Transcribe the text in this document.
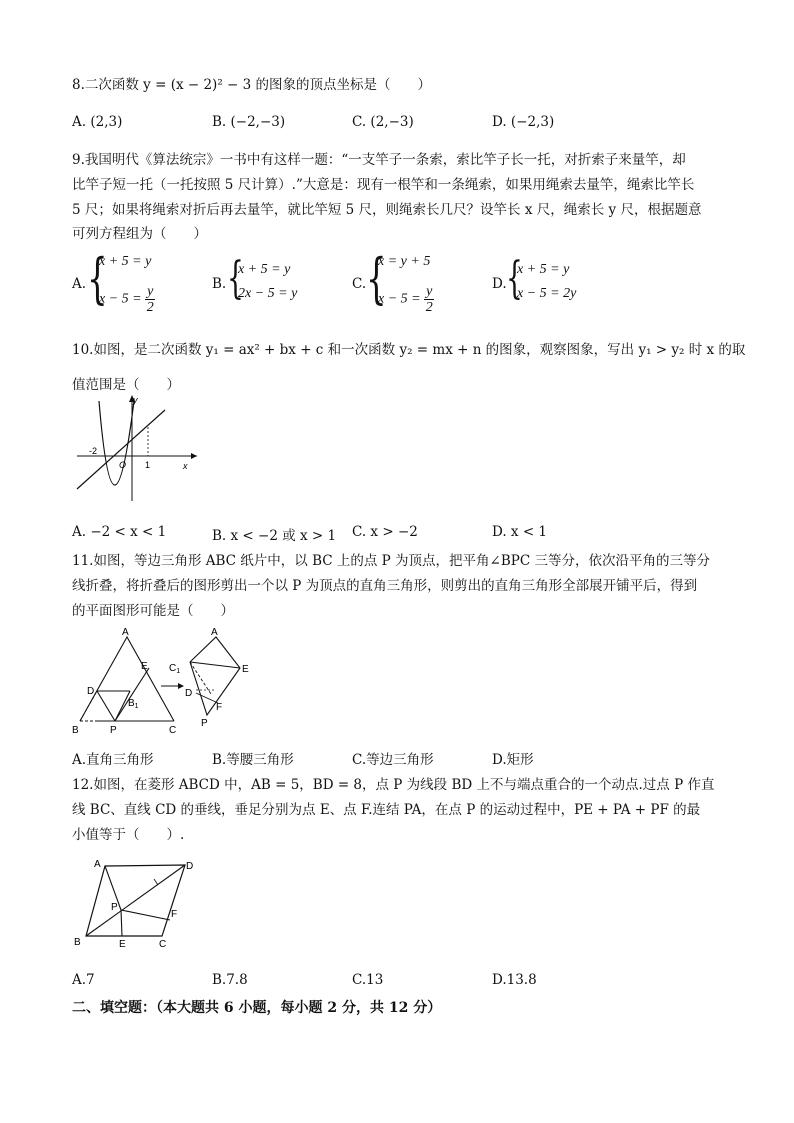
8.二次函数 y = (x − 2)² − 3 的图象的顶点坐标是（　　）
A. (2,3)	B. (−2,−3)	C. (2,−3)	D. (−2,3)
9.我国明代《算法统宗》一书中有这样一题：“一支竿子一条索，索比竿子长一托，对折索子来量竿，却
比竿子短一托（一托按照 5 尺计算）.”大意是：现有一根竿和一条绳索，如果用绳索去量竿，绳索比竿长
5 尺；如果将绳索对折后再去量竿，就比竿短 5 尺，则绳索长几尺？设竿长 x 尺，绳索长 y 尺，根据题意
可列方程组为（　　）
A. {
x + 5 = y
$x - 5 = \frac{y}{2}$	B. {
x + 5 = y
2x − 5 = y
C. {
x = y + 5
$x - 5 = \frac{y}{2}$	D. {
x + 5 = y
x − 5 = 2y
10.如图，是二次函数 y₁ = ax² + bx + c 和一次函数 y₂ = mx + n 的图象，观察图象，写出 y₁ > y₂ 时 x 的取
值范围是（　　）
y
x
-2
O 1
A. −2 < x < 1	B. x < −2 或 x > 1 C. x > −2	D. x < 1
11.如图，等边三角形 ABC 纸片中，以 BC 上的点 P 为顶点，把平角∠BPC 三等分，依次沿平角的三等分
线折叠，将折叠后的图形剪出一个以 P 为顶点的直角三角形，则剪出的直角三角形全部展开铺平后，得到
的平面图形可能是（　　）
A
B	C
D
E
P
$B_1$
A
$C_1$	E
D
F
P
A.直角三角形	B.等腰三角形	C.等边三角形	D.矩形
12.如图，在菱形 ABCD 中，AB = 5，BD = 8，点 P 为线段 BD 上不与端点重合的一个动点.过点 P 作直
线 BC、直线 CD 的垂线，垂足分别为点 E、点 F.连结 PA，在点 P 的运动过程中，PE + PA + PF 的最
小值等于（　　）.
A	D
B	C
E
F
P
A.7	B.7.8	C.13	D.13.8
二、填空题：（本大题共 6 小题，每小题 2 分，共 12 分）
